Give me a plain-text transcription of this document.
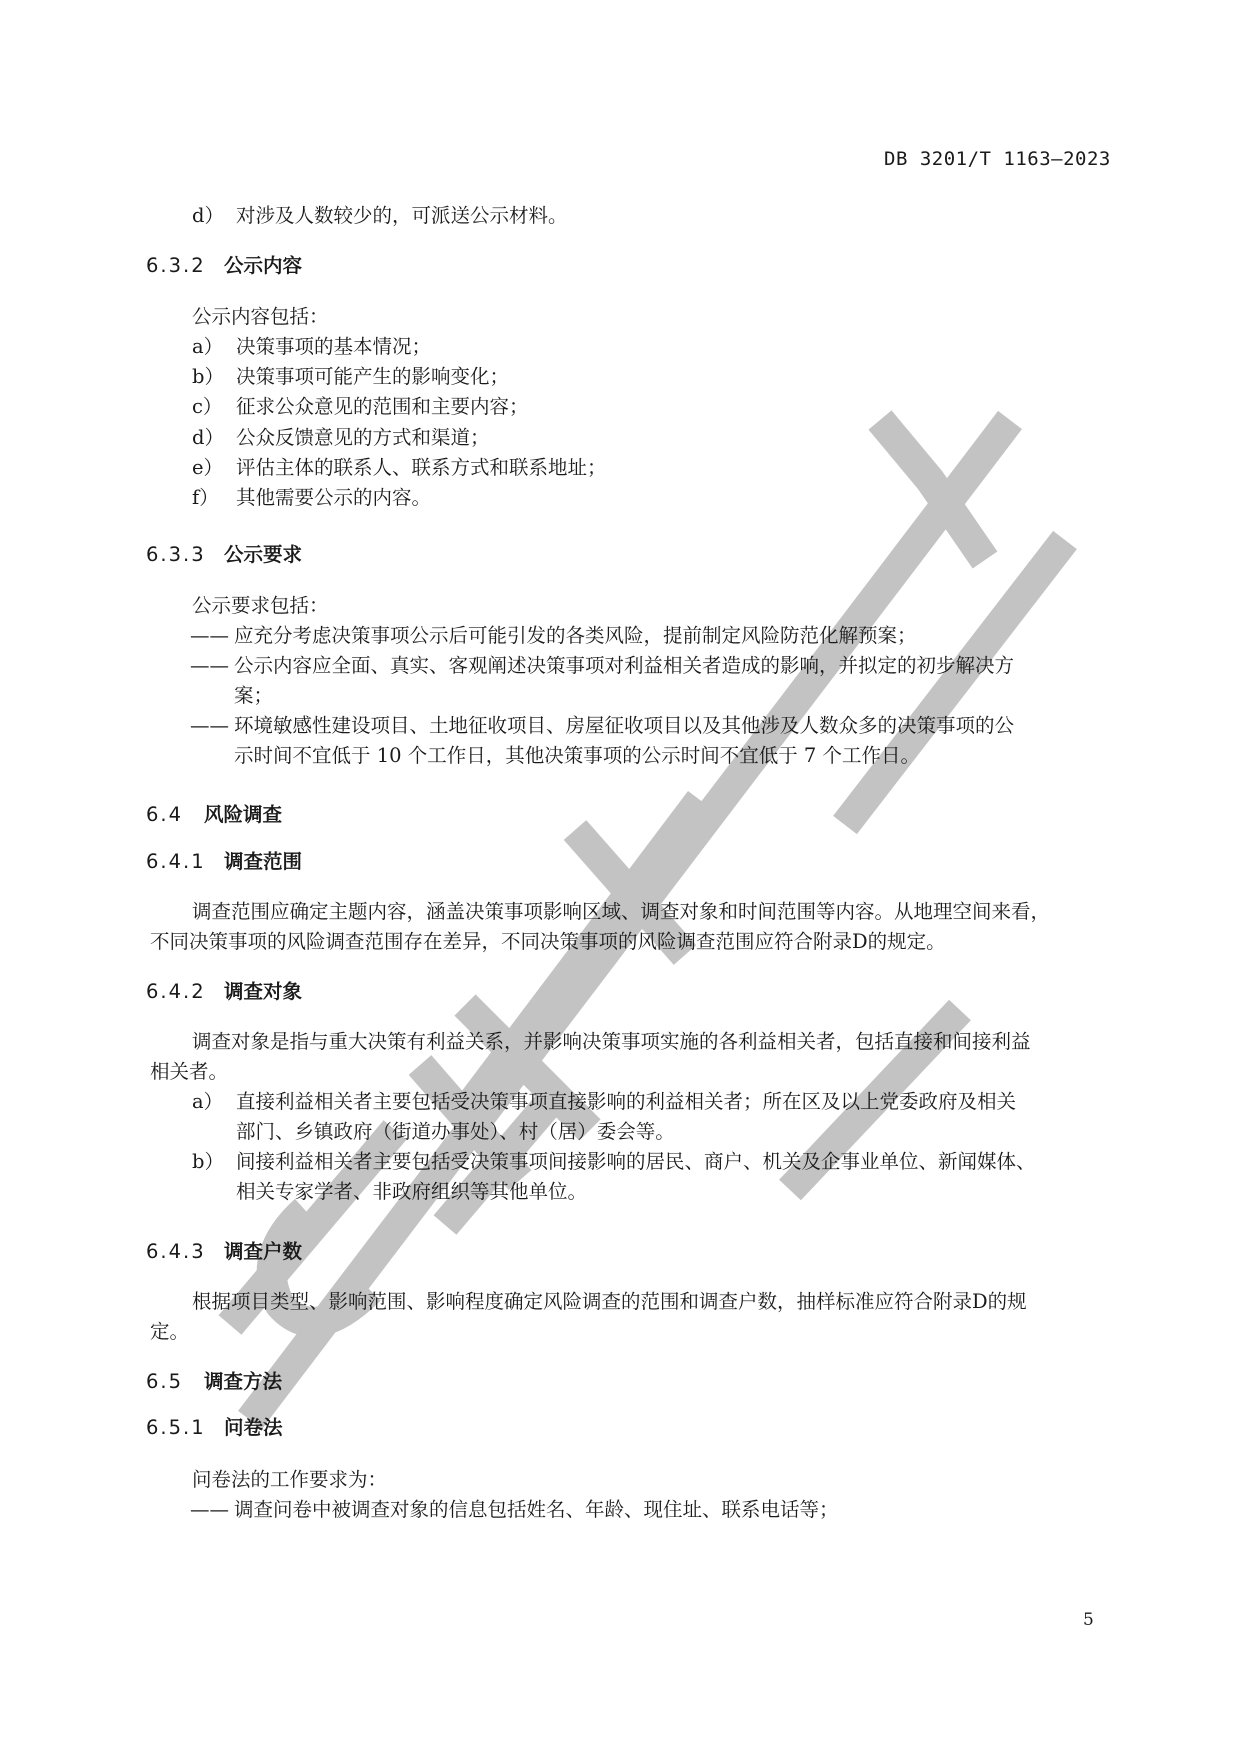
DB 3201/T 1163—2023
d） 对涉及人数较少的，可派送公示材料。
6.3.2 公示内容
公示内容包括：
a） 决策事项的基本情况；
b） 决策事项可能产生的影响变化；
c） 征求公众意见的范围和主要内容；
d） 公众反馈意见的方式和渠道；
e） 评估主体的联系人、联系方式和联系地址；
f） 其他需要公示的内容。
6.3.3 公示要求
公示要求包括：
—— 应充分考虑决策事项公示后可能引发的各类风险，提前制定风险防范化解预案；
—— 公示内容应全面、真实、客观阐述决策事项对利益相关者造成的影响，并拟定的初步解决方
案；
—— 环境敏感性建设项目、土地征收项目、房屋征收项目以及其他涉及人数众多的决策事项的公
示时间不宜低于 10 个工作日，其他决策事项的公示时间不宜低于 7 个工作日。
6.4 风险调查
6.4.1 调查范围
调查范围应确定主题内容，涵盖决策事项影响区域、调查对象和时间范围等内容。从地理空间来看，
不同决策事项的风险调查范围存在差异，不同决策事项的风险调查范围应符合附录D的规定。
6.4.2 调查对象
调查对象是指与重大决策有利益关系，并影响决策事项实施的各利益相关者，包括直接和间接利益
相关者。
a） 直接利益相关者主要包括受决策事项直接影响的利益相关者；所在区及以上党委政府及相关
部门、乡镇政府（街道办事处）、村（居）委会等。
b） 间接利益相关者主要包括受决策事项间接影响的居民、商户、机关及企事业单位、新闻媒体、
相关专家学者、非政府组织等其他单位。
6.4.3 调查户数
根据项目类型、影响范围、影响程度确定风险调查的范围和调查户数，抽样标准应符合附录D的规
定。
6.5 调查方法
6.5.1 问卷法
问卷法的工作要求为：
—— 调查问卷中被调查对象的信息包括姓名、年龄、现住址、联系电话等；
5
